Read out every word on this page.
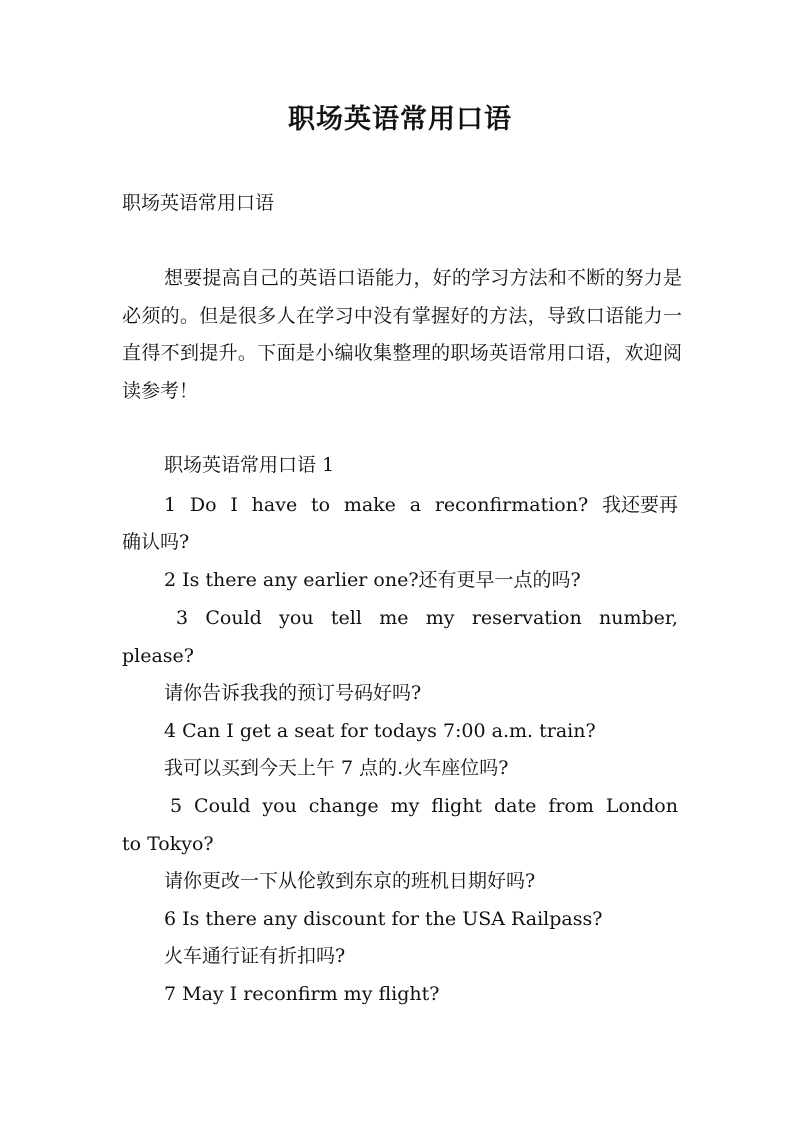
职场英语常用口语

职场英语常用口语

想要提高自己的英语口语能力，好的学习方法和不断的努力是必须的。但是很多人在学习中没有掌握好的方法，导致口语能力一直得不到提升。下面是小编收集整理的职场英语常用口语，欢迎阅读参考！

职场英语常用口语 1

1 Do I have to make a reconfirmation? 我还要再

确认吗?

2 Is there any earlier one?还有更早一点的吗?

3 Could you tell me my reservation number,

please?

请你告诉我我的预订号码好吗?

4 Can I get a seat for todays 7:00 a.m. train?

我可以买到今天上午 7 点的.火车座位吗?

5 Could you change my flight date from London

to Tokyo?

请你更改一下从伦敦到东京的班机日期好吗?

6 Is there any discount for the USA Railpass?

火车通行证有折扣吗?

7 May I reconfirm my flight?
